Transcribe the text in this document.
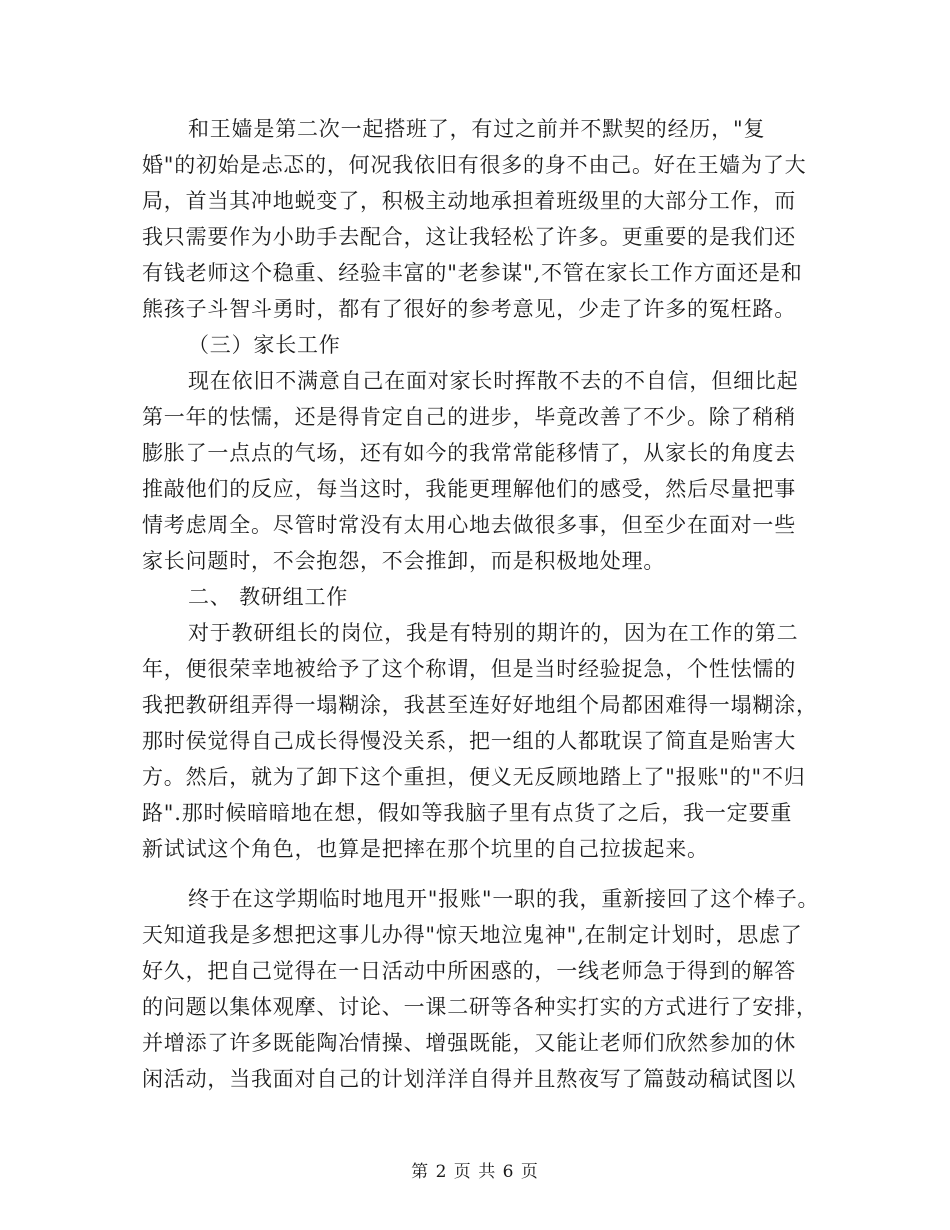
和王嫱是第二次一起搭班了，有过之前并不默契的经历，"复
婚"的初始是忐忑的，何况我依旧有很多的身不由己。好在王嫱为了大
局，首当其冲地蜕变了，积极主动地承担着班级里的大部分工作，而
我只需要作为小助手去配合，这让我轻松了许多。更重要的是我们还
有钱老师这个稳重、经验丰富的"老参谋",不管在家长工作方面还是和
熊孩子斗智斗勇时，都有了很好的参考意见，少走了许多的冤枉路。
（三）家长工作
现在依旧不满意自己在面对家长时挥散不去的不自信，但细比起
第一年的怯懦，还是得肯定自己的进步，毕竟改善了不少。除了稍稍
膨胀了一点点的气场，还有如今的我常常能移情了，从家长的角度去
推敲他们的反应，每当这时，我能更理解他们的感受，然后尽量把事
情考虑周全。尽管时常没有太用心地去做很多事，但至少在面对一些
家长问题时，不会抱怨，不会推卸，而是积极地处理。
二、 教研组工作
对于教研组长的岗位，我是有特别的期许的，因为在工作的第二
年，便很荣幸地被给予了这个称谓，但是当时经验捉急，个性怯懦的
我把教研组弄得一塌糊涂，我甚至连好好地组个局都困难得一塌糊涂，
那时侯觉得自己成长得慢没关系，把一组的人都耽误了简直是贻害大
方。然后，就为了卸下这个重担，便义无反顾地踏上了"报账"的"不归
路".那时候暗暗地在想，假如等我脑子里有点货了之后，我一定要重
新试试这个角色，也算是把摔在那个坑里的自己拉拔起来。
终于在这学期临时地甩开"报账"一职的我，重新接回了这个棒子。
天知道我是多想把这事儿办得"惊天地泣鬼神",在制定计划时，思虑了
好久，把自己觉得在一日活动中所困惑的，一线老师急于得到的解答
的问题以集体观摩、讨论、一课二研等各种实打实的方式进行了安排，
并增添了许多既能陶冶情操、增强既能，又能让老师们欣然参加的休
闲活动，当我面对自己的计划洋洋自得并且熬夜写了篇鼓动稿试图以
第 2 页 共 6 页
